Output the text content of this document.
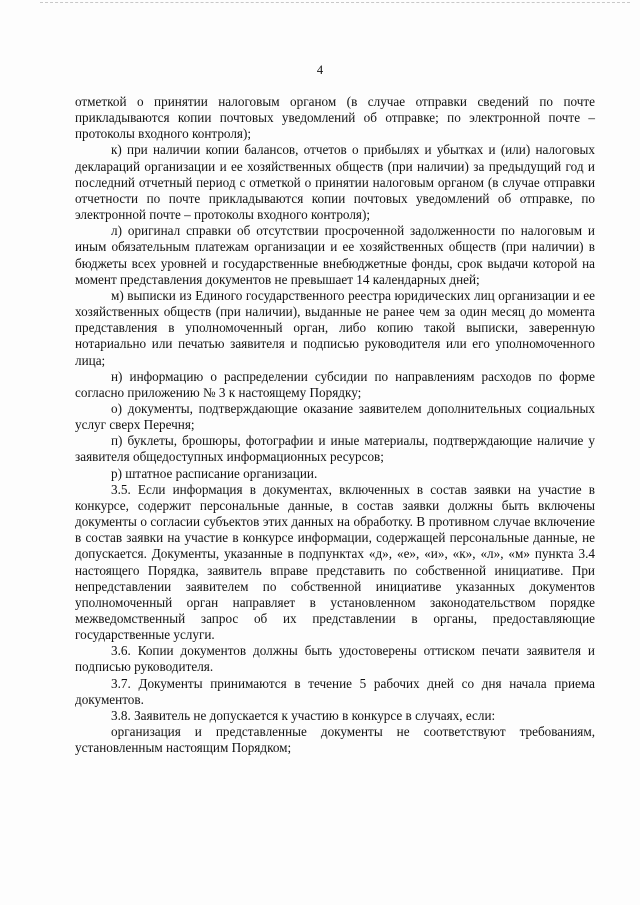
4

отметкой о принятии налоговым органом (в случае отправки сведений по почте прикладываются копии почтовых уведомлений об отправке; по электронной почте – протоколы входного контроля);

к) при наличии копии балансов, отчетов о прибылях и убытках и (или) налоговых деклараций организации и ее хозяйственных обществ (при наличии) за предыдущий год и последний отчетный период с отметкой о принятии налоговым органом (в случае отправки отчетности по почте прикладываются копии почтовых уведомлений об отправке, по электронной почте – протоколы входного контроля);

л) оригинал справки об отсутствии просроченной задолженности по налоговым и иным обязательным платежам организации и ее хозяйственных обществ (при наличии) в бюджеты всех уровней и государственные внебюджетные фонды, срок выдачи которой на момент представления документов не превышает 14 календарных дней;

м) выписки из Единого государственного реестра юридических лиц организации и ее хозяйственных обществ (при наличии), выданные не ранее чем за один месяц до момента представления в уполномоченный орган, либо копию такой выписки, заверенную нотариально или печатью заявителя и подписью руководителя или его уполномоченного лица;

н) информацию о распределении субсидии по направлениям расходов по форме согласно приложению № 3 к настоящему Порядку;

о) документы, подтверждающие оказание заявителем дополнительных социальных услуг сверх Перечня;

п) буклеты, брошюры, фотографии и иные материалы, подтверждающие наличие у заявителя общедоступных информационных ресурсов;

р) штатное расписание организации.

3.5. Если информация в документах, включенных в состав заявки на участие в конкурсе, содержит персональные данные, в состав заявки должны быть включены документы о согласии субъектов этих данных на обработку. В противном случае включение в состав заявки на участие в конкурсе информации, содержащей персональные данные, не допускается. Документы, указанные в подпунктах «д», «е», «и», «к», «л», «м» пункта 3.4 настоящего Порядка, заявитель вправе представить по собственной инициативе. При непредставлении заявителем по собственной инициативе указанных документов уполномоченный орган направляет в установленном законодательством порядке межведомственный запрос об их представлении в органы, предоставляющие государственные услуги.

3.6. Копии документов должны быть удостоверены оттиском печати заявителя и подписью руководителя.

3.7. Документы принимаются в течение 5 рабочих дней со дня начала приема документов.

3.8. Заявитель не допускается к участию в конкурсе в случаях, если:

организация и представленные документы не соответствуют требованиям, установленным настоящим Порядком;
